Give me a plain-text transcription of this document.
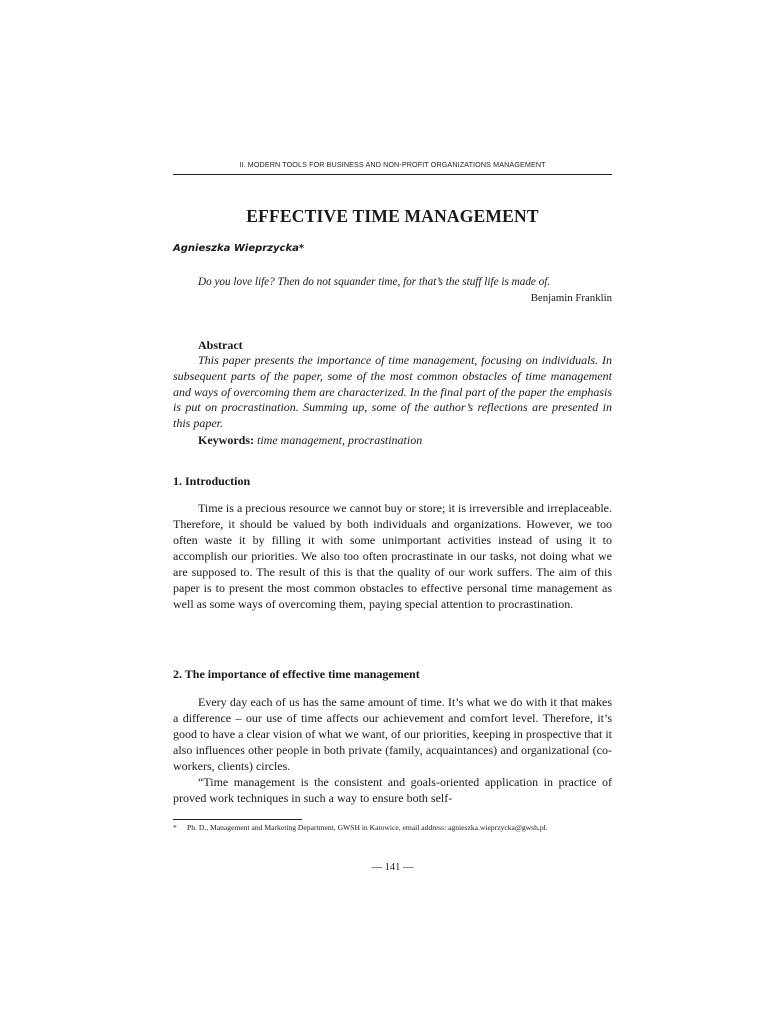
II. MODERN TOOLS FOR BUSINESS AND NON-PROFIT ORGANIZATIONS MANAGEMENT
EFFECTIVE TIME MANAGEMENT
Agnieszka Wieprzycka*
Do you love life? Then do not squander time, for that’s the stuff life is made of.
Benjamin Franklin
Abstract

This paper presents the importance of time management, focusing on individuals. In subsequent parts of the paper, some of the most common obstacles of time management and ways of overcoming them are characterized. In the final part of the paper the emphasis is put on procrastination. Summing up, some of the author’s reflections are presented in this paper.

Keywords: time management, procrastination
1. Introduction

Time is a precious resource we cannot buy or store; it is irreversible and irreplaceable. Therefore, it should be valued by both individuals and organizations. However, we too often waste it by filling it with some unimportant activities instead of using it to accomplish our priorities. We also too often procrastinate in our tasks, not doing what we are supposed to. The result of this is that the quality of our work suffers. The aim of this paper is to present the most common obstacles to effective personal time management as well as some ways of overcoming them, paying special attention to procrastination.

2. The importance of effective time management

Every day each of us has the same amount of time. It’s what we do with it that makes a difference – our use of time affects our achievement and comfort level. Therefore, it’s good to have a clear vision of what we want, of our priorities, keeping in prospective that it also influences other people in both private (family, acquaintances) and organizational (co-workers, clients) circles.

“Time management is the consistent and goals-oriented application in practice of proved work techniques in such a way to ensure both self-

* Ph. D., Management and Marketing Department, GWSH in Katowice, email address: agnieszka.wieprzycka@gwsh.pl.
— 141 —
